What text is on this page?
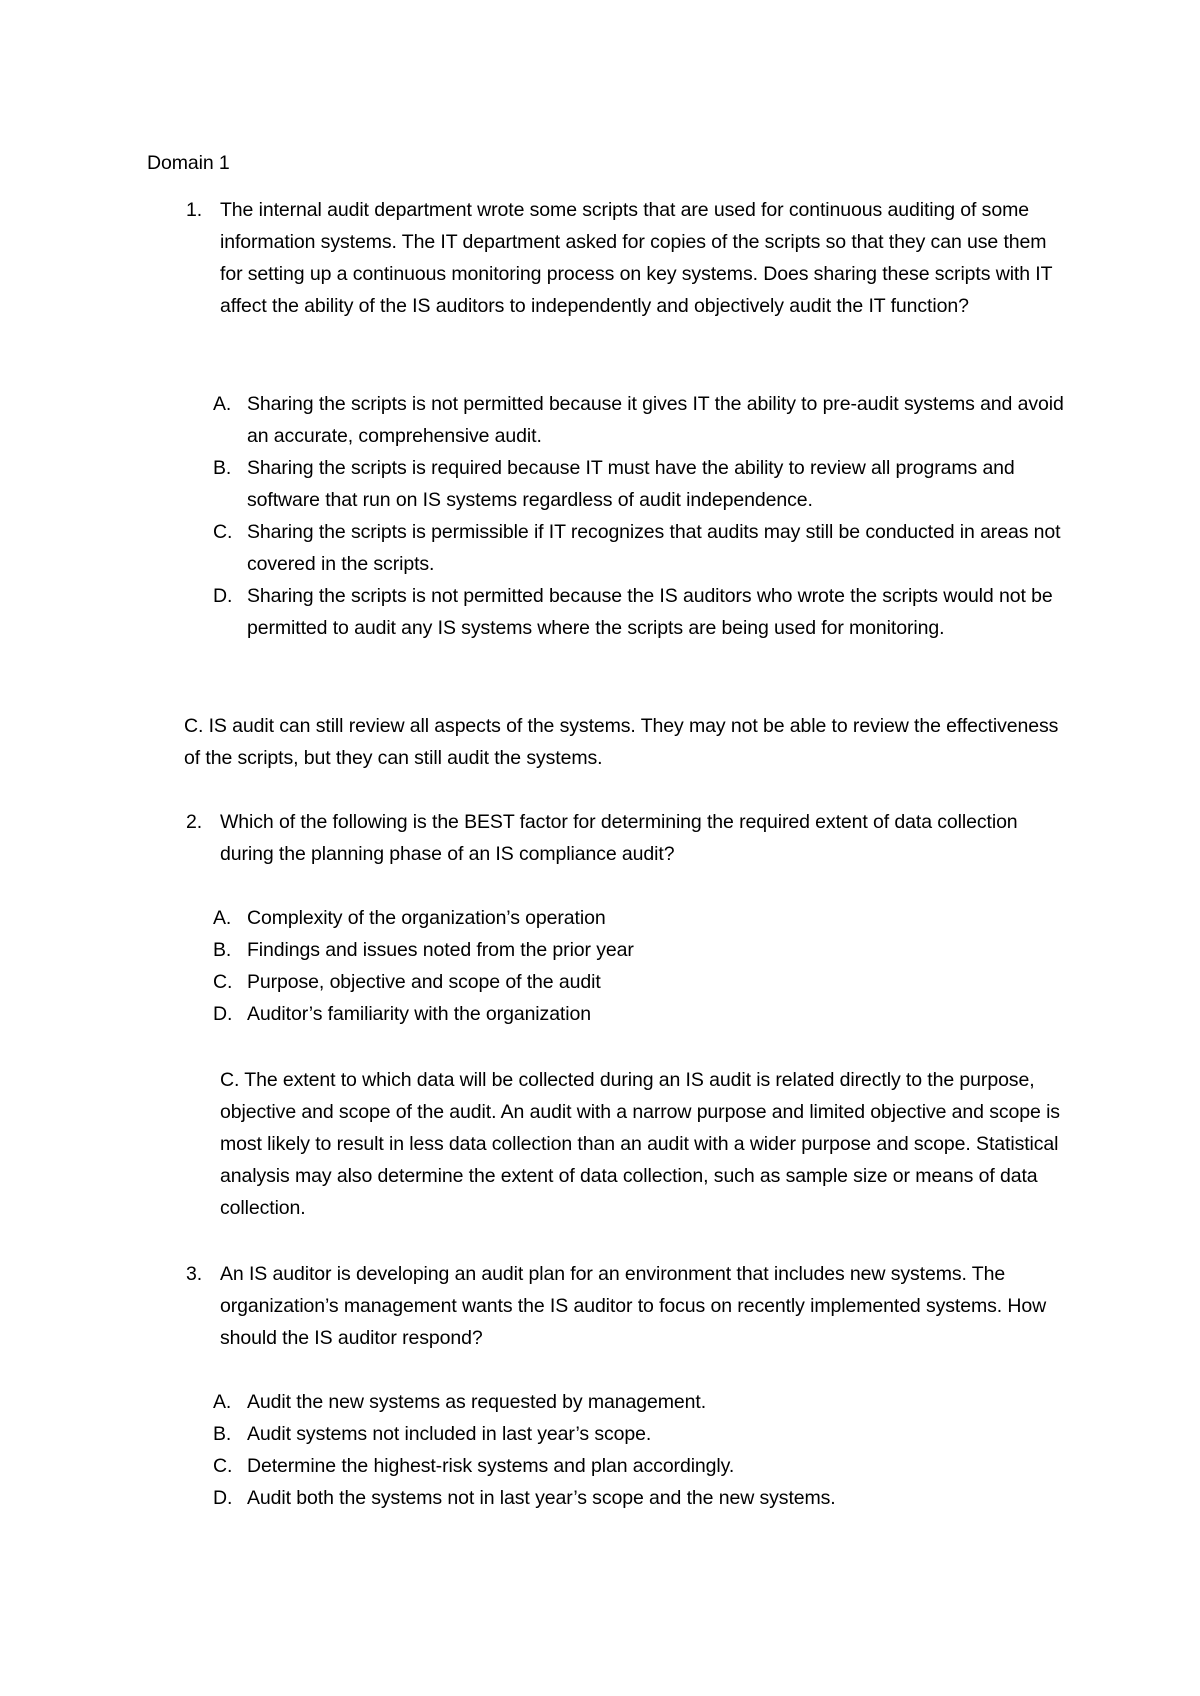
Domain 1
1. The internal audit department wrote some scripts that are used for continuous auditing of some information systems. The IT department asked for copies of the scripts so that they can use them for setting up a continuous monitoring process on key systems. Does sharing these scripts with IT affect the ability of the IS auditors to independently and objectively audit the IT function?
A. Sharing the scripts is not permitted because it gives IT the ability to pre-audit systems and avoid an accurate, comprehensive audit.
B. Sharing the scripts is required because IT must have the ability to review all programs and software that run on IS systems regardless of audit independence.
C. Sharing the scripts is permissible if IT recognizes that audits may still be conducted in areas not covered in the scripts.
D. Sharing the scripts is not permitted because the IS auditors who wrote the scripts would not be permitted to audit any IS systems where the scripts are being used for monitoring.

C. IS audit can still review all aspects of the systems. They may not be able to review the effectiveness of the scripts, but they can still audit the systems.

2. Which of the following is the BEST factor for determining the required extent of data collection during the planning phase of an IS compliance audit?
A. Complexity of the organization’s operation
B. Findings and issues noted from the prior year
C. Purpose, objective and scope of the audit
D. Auditor’s familiarity with the organization

C. The extent to which data will be collected during an IS audit is related directly to the purpose, objective and scope of the audit. An audit with a narrow purpose and limited objective and scope is most likely to result in less data collection than an audit with a wider purpose and scope. Statistical analysis may also determine the extent of data collection, such as sample size or means of data collection.

3. An IS auditor is developing an audit plan for an environment that includes new systems. The organization’s management wants the IS auditor to focus on recently implemented systems. How should the IS auditor respond?
A. Audit the new systems as requested by management.
B. Audit systems not included in last year’s scope.
C. Determine the highest-risk systems and plan accordingly.
D. Audit both the systems not in last year’s scope and the new systems.
